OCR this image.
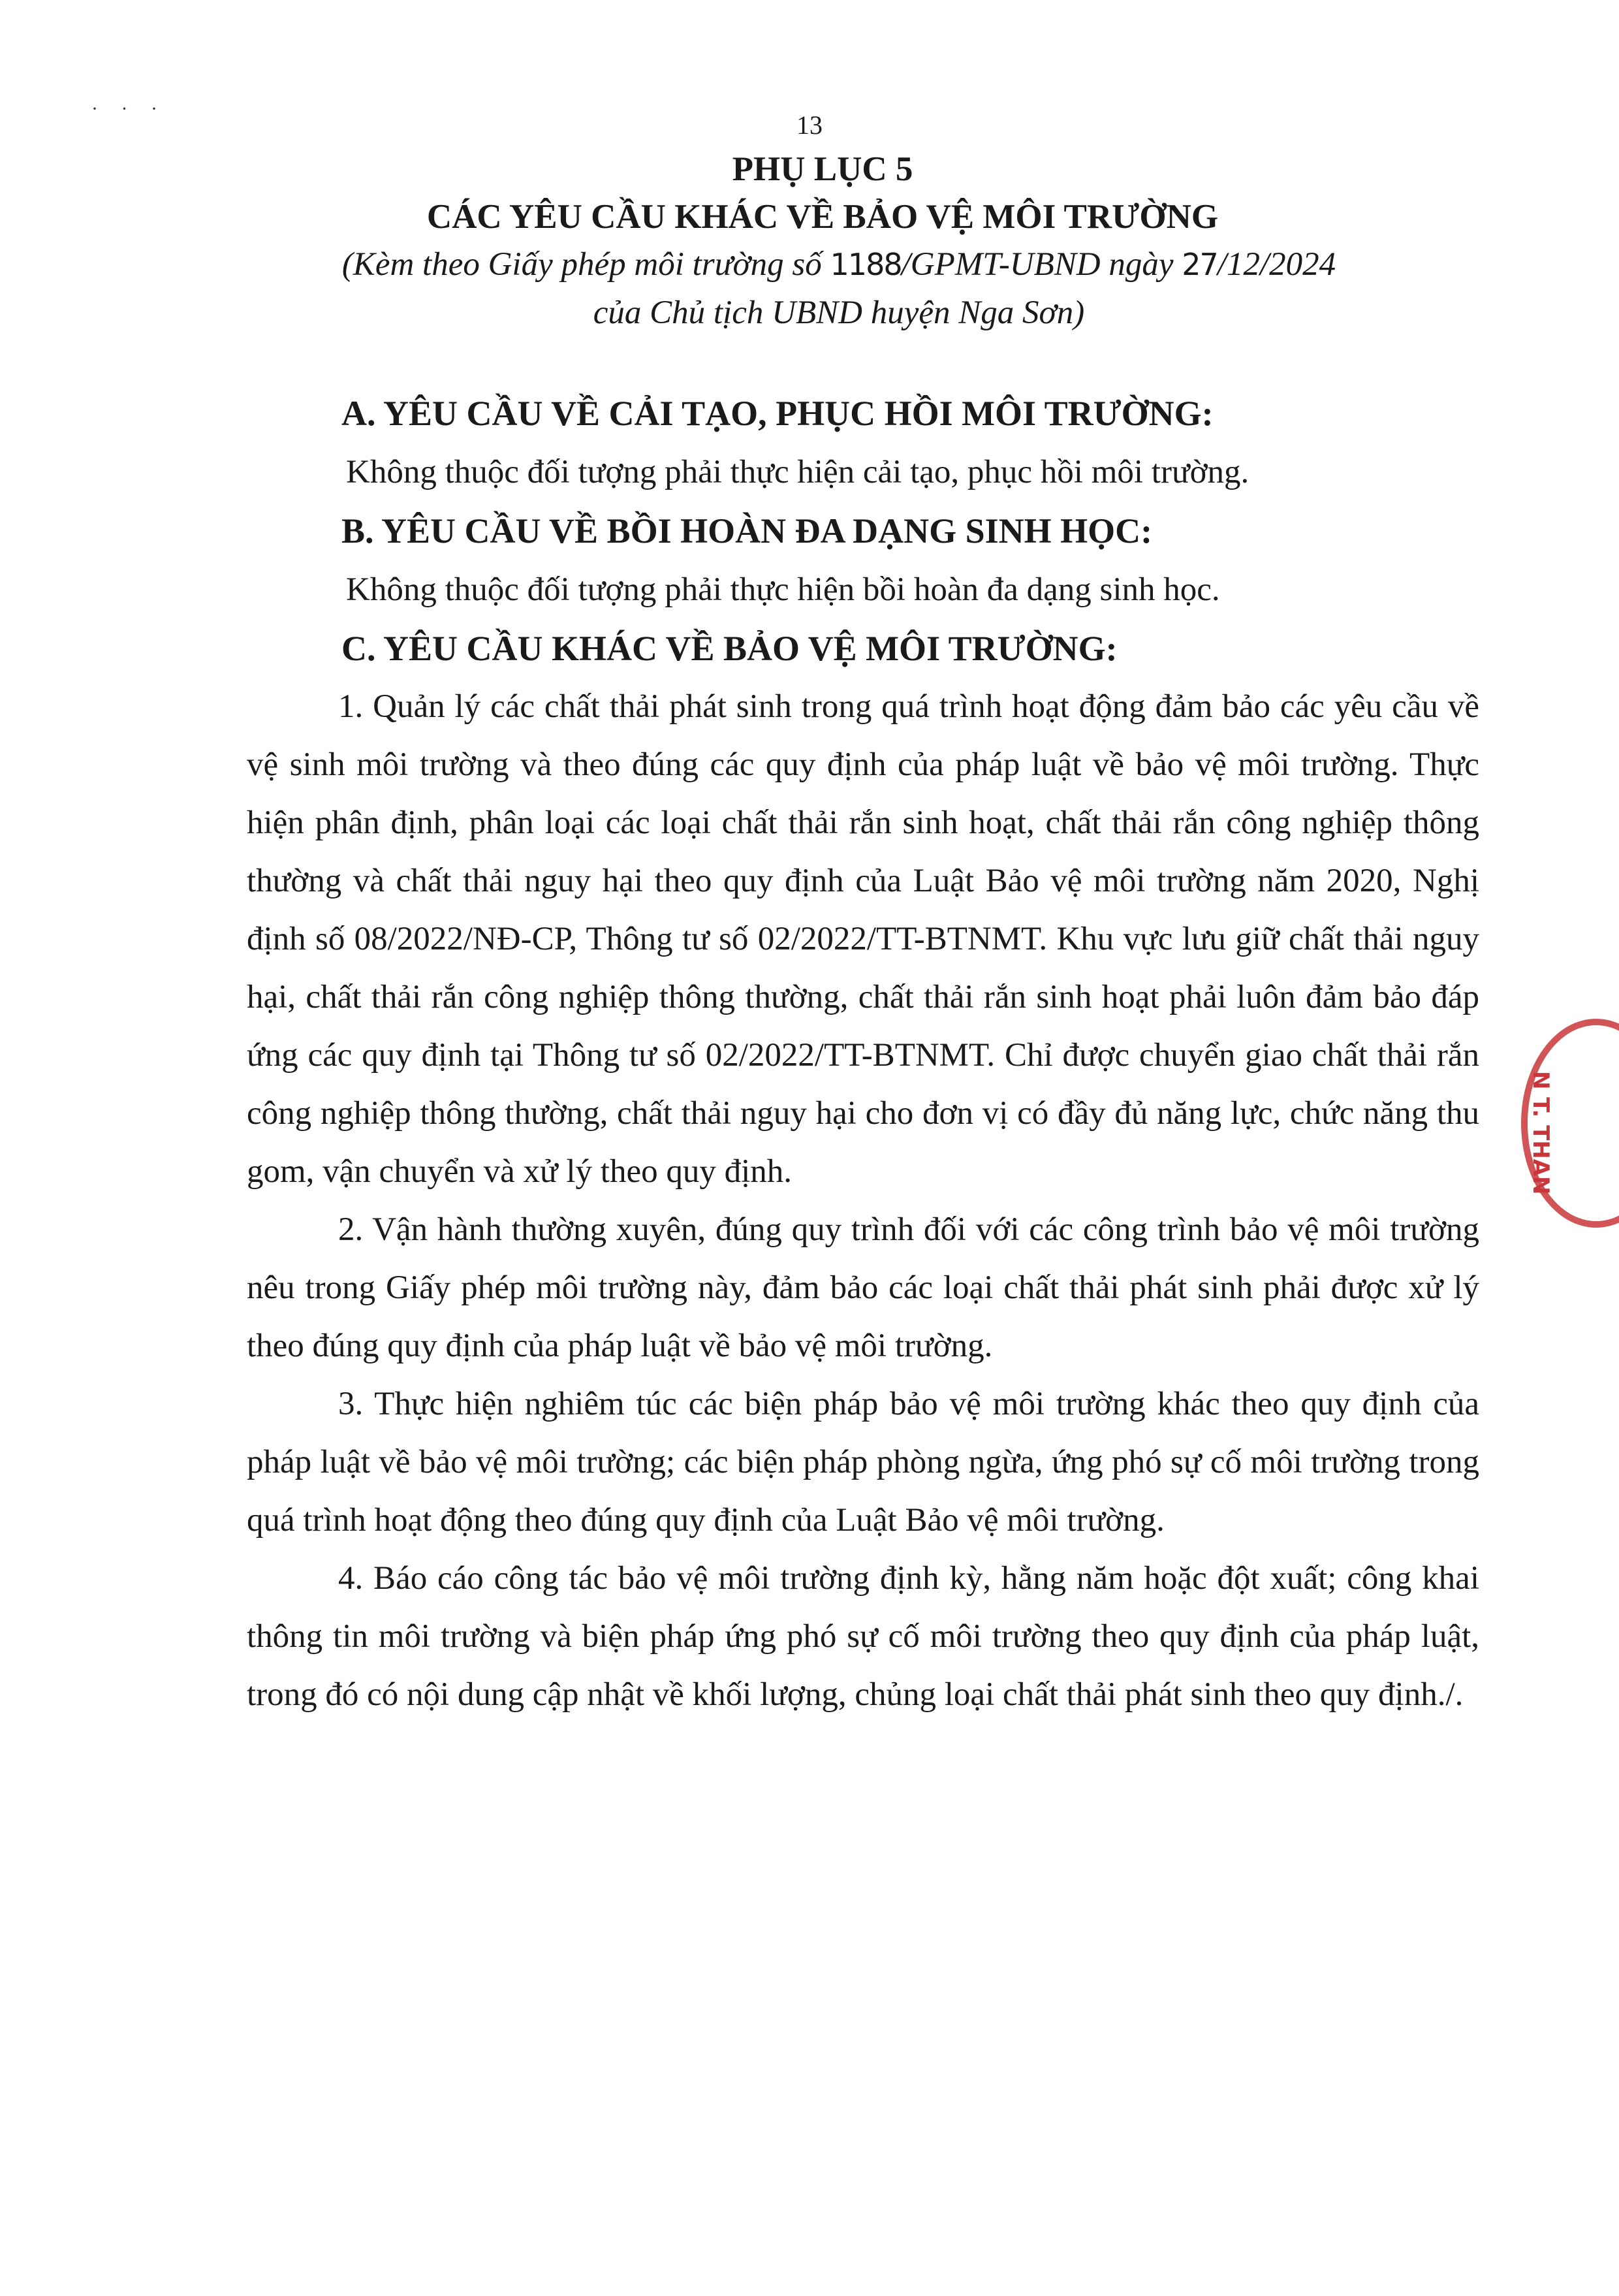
· · ·
13
PHỤ LỤC 5
CÁC YÊU CẦU KHÁC VỀ BẢO VỆ MÔI TRƯỜNG
(Kèm theo Giấy phép môi trường số 1188/GPMT-UBND ngày 27/12/2024
của Chủ tịch UBND huyện Nga Sơn)
A. YÊU CẦU VỀ CẢI TẠO, PHỤC HỒI MÔI TRƯỜNG:
Không thuộc đối tượng phải thực hiện cải tạo, phục hồi môi trường.
B. YÊU CẦU VỀ BỒI HOÀN ĐA DẠNG SINH HỌC:
Không thuộc đối tượng phải thực hiện bồi hoàn đa dạng sinh học.
C. YÊU CẦU KHÁC VỀ BẢO VỆ MÔI TRƯỜNG:

1. Quản lý các chất thải phát sinh trong quá trình hoạt động đảm bảo các yêu cầu về vệ sinh môi trường và theo đúng các quy định của pháp luật về bảo vệ môi trường. Thực hiện phân định, phân loại các loại chất thải rắn sinh hoạt, chất thải rắn công nghiệp thông thường và chất thải nguy hại theo quy định của Luật Bảo vệ môi trường năm 2020, Nghị định số 08/2022/NĐ-CP, Thông tư số 02/2022/TT-BTNMT. Khu vực lưu giữ chất thải nguy hại, chất thải rắn công nghiệp thông thường, chất thải rắn sinh hoạt phải luôn đảm bảo đáp ứng các quy định tại Thông tư số 02/2022/TT-BTNMT. Chỉ được chuyển giao chất thải rắn công nghiệp thông thường, chất thải nguy hại cho đơn vị có đầy đủ năng lực, chức năng thu gom, vận chuyển và xử lý theo quy định.

2. Vận hành thường xuyên, đúng quy trình đối với các công trình bảo vệ môi trường nêu trong Giấy phép môi trường này, đảm bảo các loại chất thải phát sinh phải được xử lý theo đúng quy định của pháp luật về bảo vệ môi trường.

3. Thực hiện nghiêm túc các biện pháp bảo vệ môi trường khác theo quy định của pháp luật về bảo vệ môi trường; các biện pháp phòng ngừa, ứng phó sự cố môi trường trong quá trình hoạt động theo đúng quy định của Luật Bảo vệ môi trường.

4. Báo cáo công tác bảo vệ môi trường định kỳ, hằng năm hoặc đột xuất; công khai thông tin môi trường và biện pháp ứng phó sự cố môi trường theo quy định của pháp luật, trong đó có nội dung cập nhật về khối lượng, chủng loại chất thải phát sinh theo quy định./.

N T. THAN
